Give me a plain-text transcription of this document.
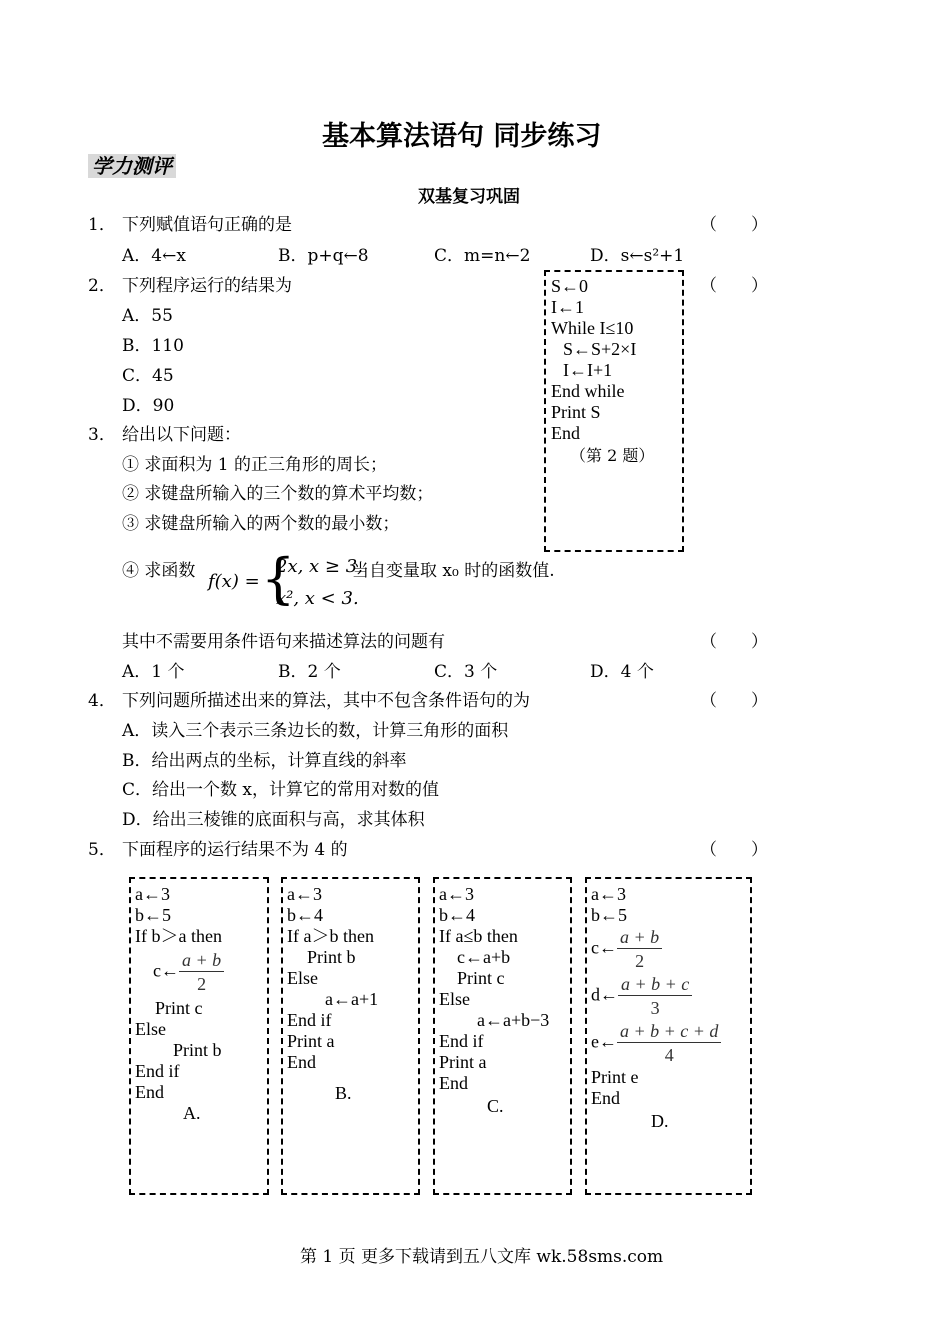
基本算法语句 同步练习
学力测评
双基复习巩固
1． 下列赋值语句正确的是	（　　）
A．4←x	B．p+q←8	C．m=n←2	D．s←s²+1
2． 下列程序运行的结果为	（　　）
A．55
B．110
C．45
D．90
S←0
I←1
While I≤10
S←S+2×I
I←I+1
End while
Print S
End
（第 2 题）
3． 给出以下问题：
① 求面积为 1 的正三角形的周长；
② 求键盘所输入的三个数的算术平均数；
③ 求键盘所输入的两个数的最小数；
④ 求函数 f(x) = {
2x, x ≥ 3,
x², x < 3.
当自变量取 x₀ 时的函数值.
其中不需要用条件语句来描述算法的问题有	（　　）
A．1 个	B．2 个	C．3 个	D．4 个
4． 下列问题所描述出来的算法，其中不包含条件语句的为	（　　）
A．读入三个表示三条边长的数，计算三角形的面积
B．给出两点的坐标，计算直线的斜率
C．给出一个数 x，计算它的常用对数的值
D．给出三棱锥的底面积与高，求其体积
5． 下面程序的运行结果不为 4 的	（　　）
a←3
b←5
If b＞a then
c← $\frac{a + b}{2}$
Print c
Else
Print b
End if
End
A.
a←3
b←4
If a＞b then
Print b
Else
a←a+1
End if
Print a
End
B.
a←3
b←4
If a≤b then
c←a+b
Print c
Else
a←a+b−3
End if
Print a
End
C.
a←3
b←5
c← $\frac{a + b}{2}$
d← $\frac{a + b + c}{3}$
e← $\frac{a + b + c + d}{4}$
Print e
End
D.
第 1 页 更多下载请到五八文库 wk.58sms.com
